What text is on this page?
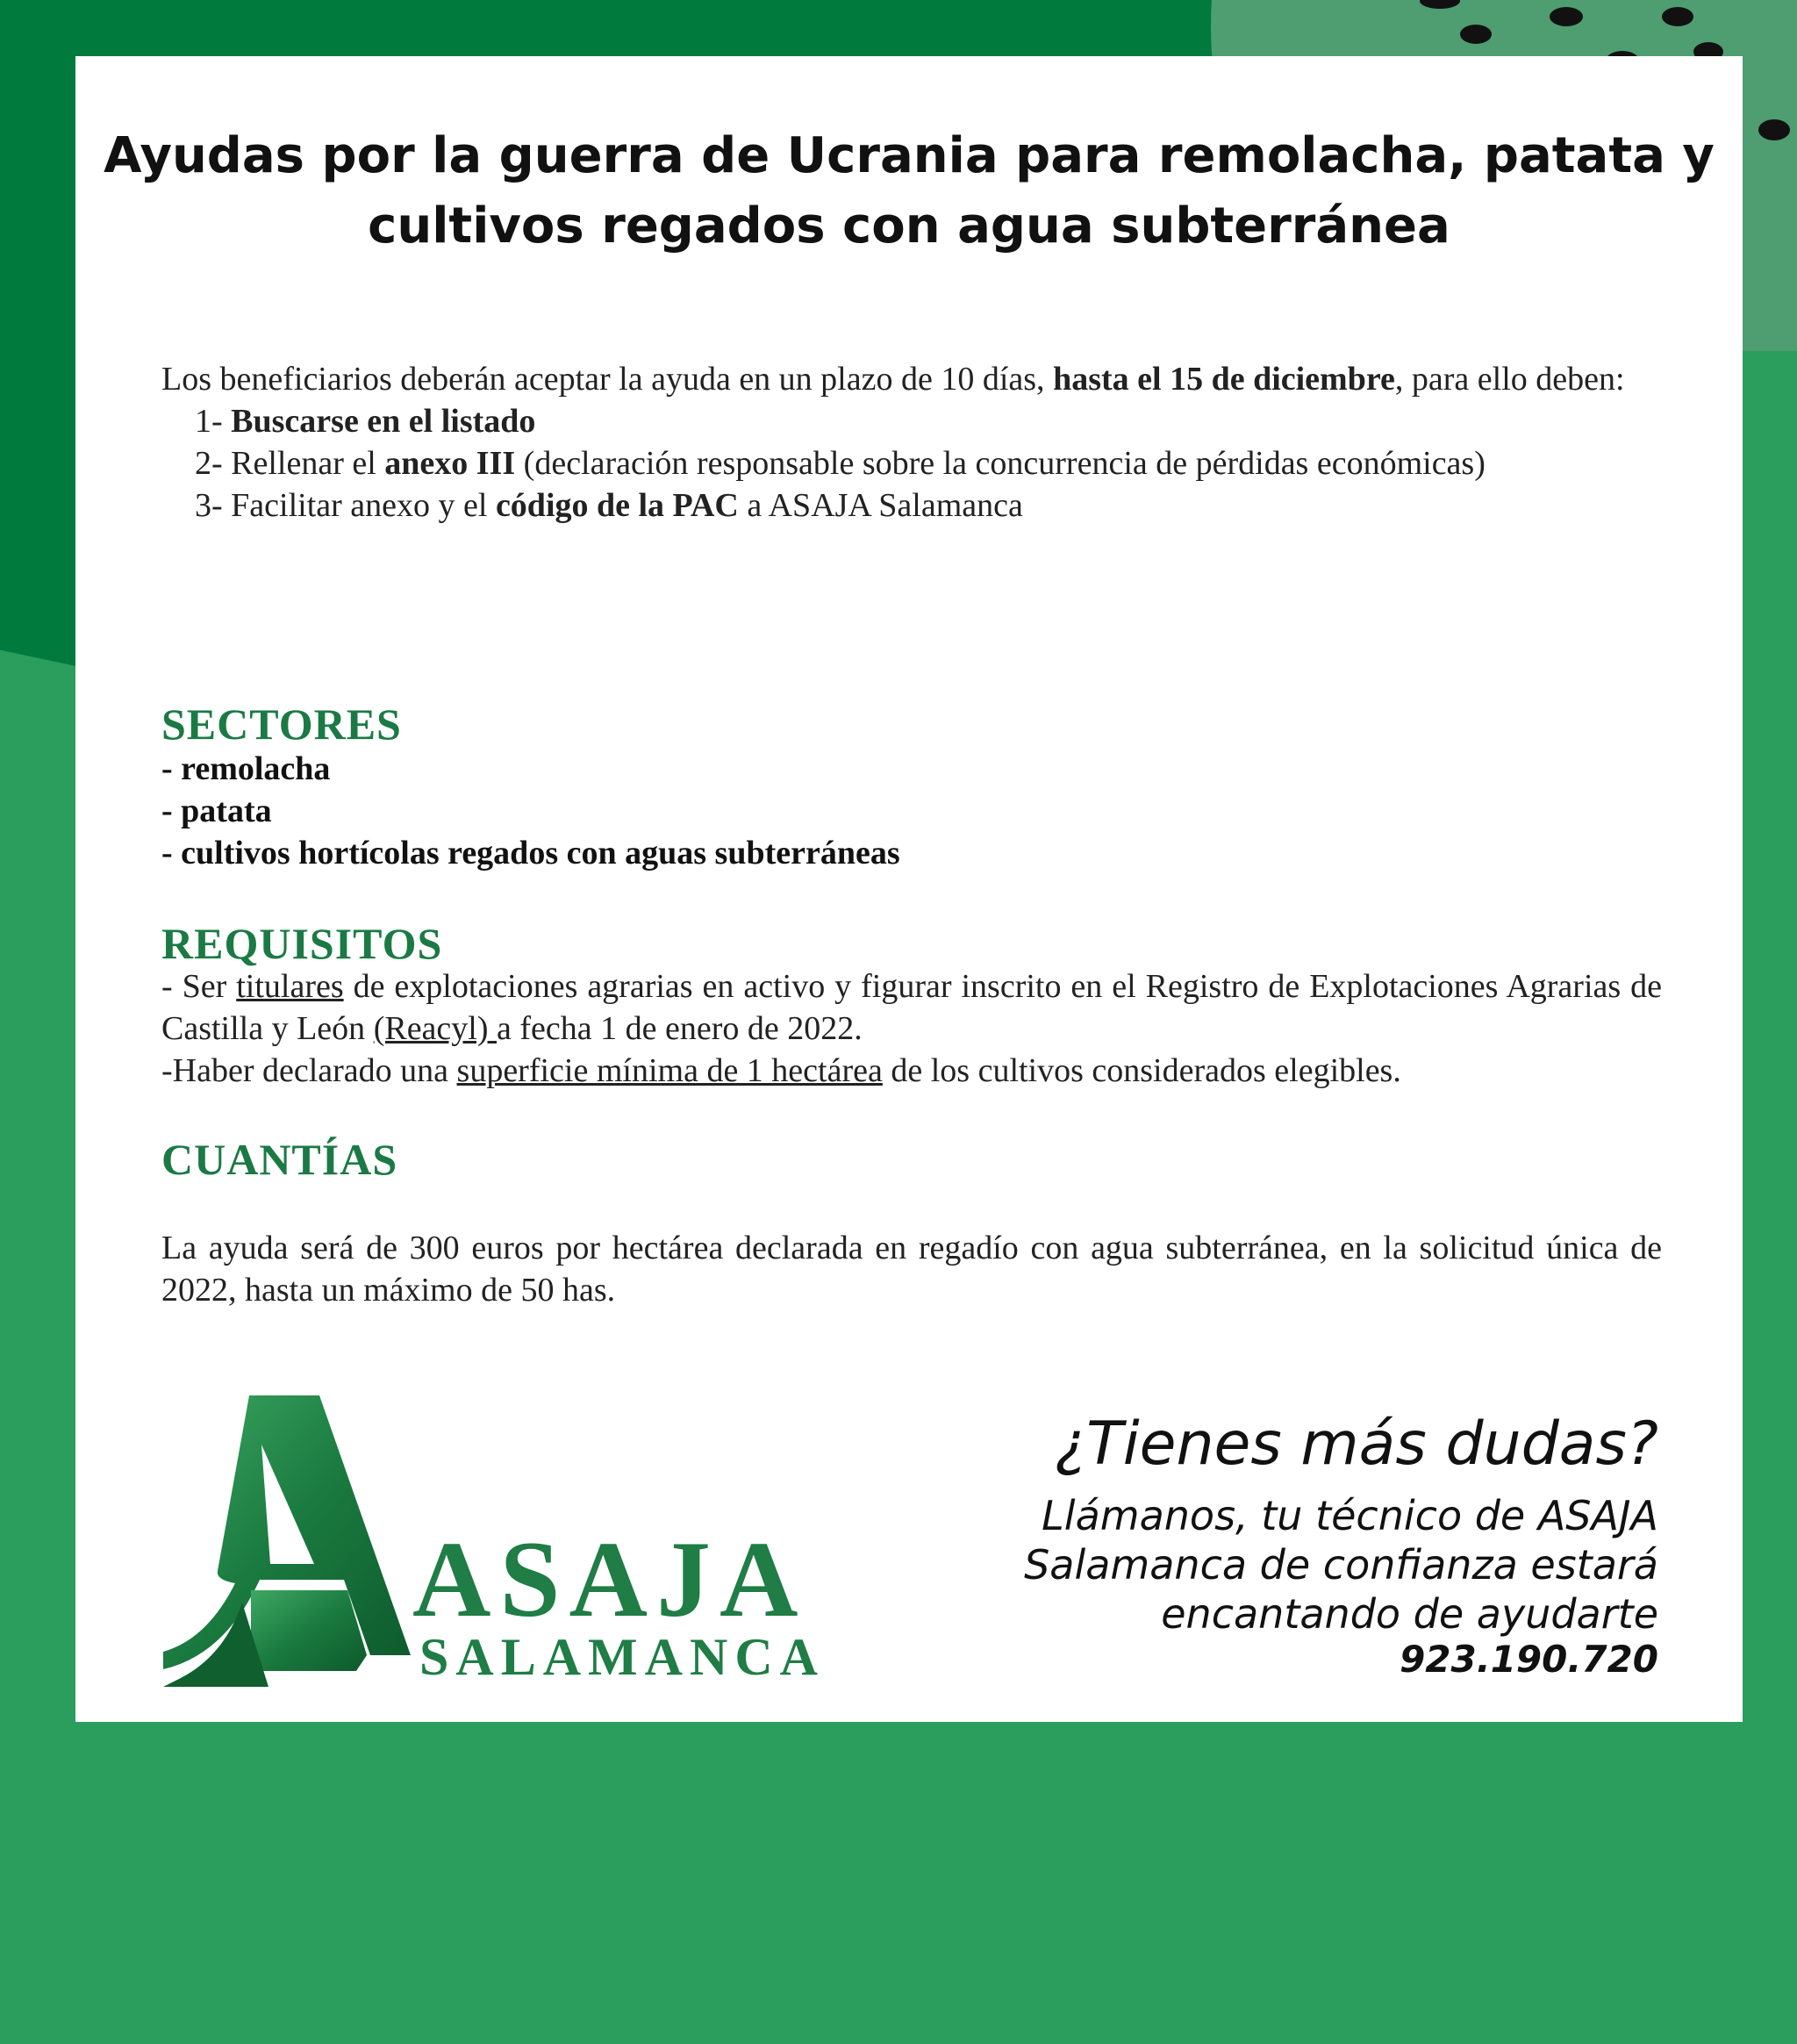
Ayudas por la guerra de Ucrania para remolacha, patata y
cultivos regados con agua subterránea

Los beneficiarios deberán aceptar la ayuda en un plazo de 10 días, hasta el 15 de diciembre, para ello deben:

1- Buscarse en el listado

2- Rellenar el anexo III (declaración responsable sobre la concurrencia de pérdidas económicas)

3- Facilitar anexo y el código de la PAC a ASAJA Salamanca

SECTORES
- remolacha
- patata
- cultivos hortícolas regados con aguas subterráneas
REQUISITOS

- Ser titulares de explotaciones agrarias en activo y figurar inscrito en el Registro de Explotaciones Agrarias de Castilla y León (Reacyl) a fecha 1 de enero de 2022.

-Haber declarado una superficie mínima de 1 hectárea de los cultivos considerados elegibles.

CUANTÍAS

La ayuda será de 300 euros por hectárea declarada en regadío con agua subterránea, en la solicitud única de 2022, hasta un máximo de 50 has.

ASAJA
SALAMANCA

¿Tienes más dudas?

Llámanos, tu técnico de ASAJA

Salamanca de confianza estará

encantando de ayudarte

923.190.720
